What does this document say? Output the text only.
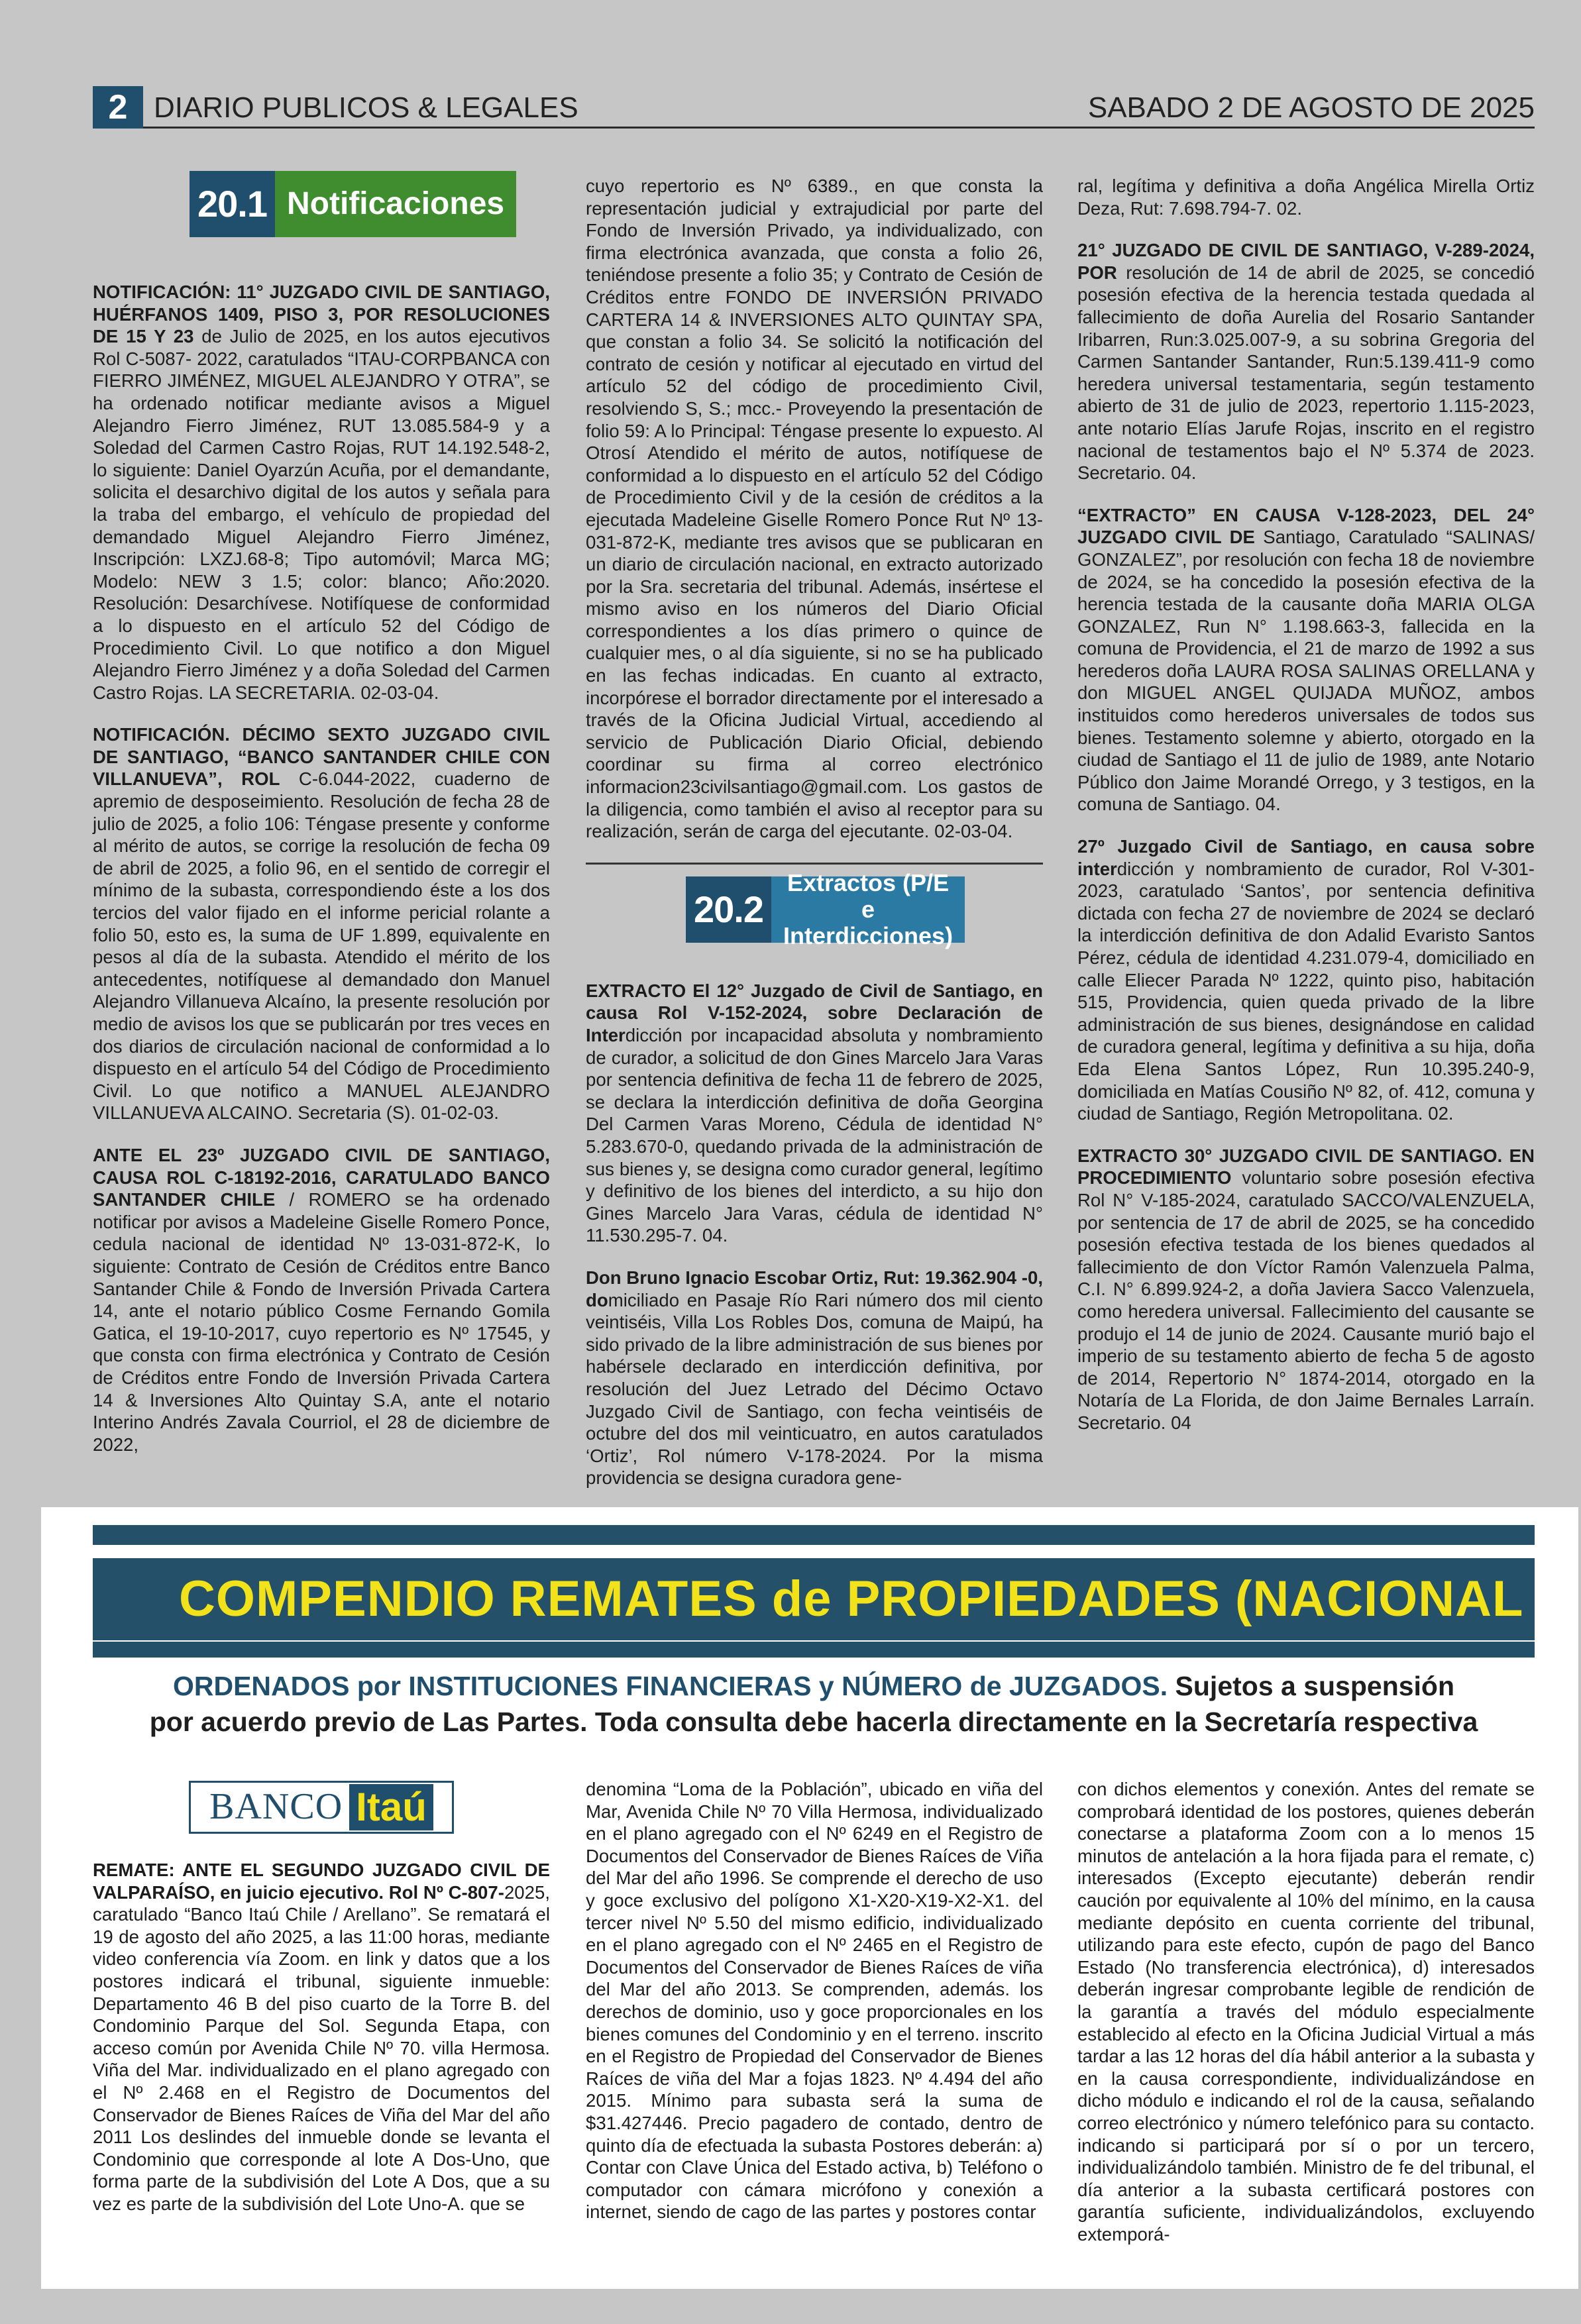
2 DIARIO PUBLICOS & LEGALES	SABADO 2 DE AGOSTO DE 2025
20.1 Notificaciones

NOTIFICACIÓN: 11° JUZGADO CIVIL DE SANTIAGO, HUÉRFANOS 1409, PISO 3, POR RESOLUCIONES DE 15 Y 23 de Julio de 2025, en los autos ejecutivos Rol C-5087- 2022, caratulados “ITAU-CORPBANCA con FIERRO JIMÉNEZ, MIGUEL ALEJANDRO Y OTRA”, se ha ordenado notificar mediante avisos a Miguel Alejandro Fierro Jiménez, RUT 13.085.584-9 y a Soledad del Carmen Castro Rojas, RUT 14.192.548-2, lo siguiente: Daniel Oyarzún Acuña, por el demandante, solicita el desarchivo digital de los autos y señala para la traba del embargo, el vehículo de propiedad del demandado Miguel Alejandro Fierro Jiménez, Inscripción: LXZJ.68-8; Tipo automóvil; Marca MG; Modelo: NEW 3 1.5; color: blanco; Año:2020. Resolución: Desarchívese. Notifíquese de conformidad a lo dispuesto en el artículo 52 del Código de Procedimiento Civil. Lo que notifico a don Miguel Alejandro Fierro Jiménez y a doña Soledad del Carmen Castro Rojas. LA SECRETARIA. 02-03-04.

NOTIFICACIÓN. DÉCIMO SEXTO JUZGADO CIVIL DE SANTIAGO, “BANCO SANTANDER CHILE CON VILLANUEVA”, ROL C-6.044-2022, cuaderno de apremio de desposeimiento. Resolución de fecha 28 de julio de 2025, a folio 106: Téngase presente y conforme al mérito de autos, se corrige la resolución de fecha 09 de abril de 2025, a folio 96, en el sentido de corregir el mínimo de la subasta, correspondiendo éste a los dos tercios del valor fijado en el informe pericial rolante a folio 50, esto es, la suma de UF 1.899, equivalente en pesos al día de la subasta. Atendido el mérito de los antecedentes, notifíquese al demandado don Manuel Alejandro Villanueva Alcaíno, la presente resolución por medio de avisos los que se publicarán por tres veces en dos diarios de circulación nacional de conformidad a lo dispuesto en el artículo 54 del Código de Procedimiento Civil. Lo que notifico a MANUEL ALEJANDRO VILLANUEVA ALCAINO. Secretaria (S). 01-02-03.

ANTE EL 23º JUZGADO CIVIL DE SANTIAGO, CAUSA ROL C-18192-2016, CARATULADO BANCO SANTANDER CHILE / ROMERO se ha ordenado notificar por avisos a Madeleine Giselle Romero Ponce, cedula nacional de identidad Nº 13-031-872-K, lo siguiente: Contrato de Cesión de Créditos entre Banco Santander Chile & Fondo de Inversión Privada Cartera 14, ante el notario público Cosme Fernando Gomila Gatica, el 19-10-2017, cuyo repertorio es Nº 17545, y que consta con firma electrónica y Contrato de Cesión de Créditos entre Fondo de Inversión Privada Cartera 14 & Inversiones Alto Quintay S.A, ante el notario Interino Andrés Zavala Courriol, el 28 de diciembre de 2022,

cuyo repertorio es Nº 6389., en que consta la representación judicial y extrajudicial por parte del Fondo de Inversión Privado, ya individualizado, con firma electrónica avanzada, que consta a folio 26, teniéndose presente a folio 35; y Contrato de Cesión de Créditos entre FONDO DE INVERSIÓN PRIVADO CARTERA 14 & INVERSIONES ALTO QUINTAY SPA, que constan a folio 34. Se solicitó la notificación del contrato de cesión y notificar al ejecutado en virtud del artículo 52 del código de procedimiento Civil, resolviendo S, S.; mcc.- Proveyendo la presentación de folio 59: A lo Principal: Téngase presente lo expuesto. Al Otrosí Atendido el mérito de autos, notifíquese de conformidad a lo dispuesto en el artículo 52 del Código de Procedimiento Civil y de la cesión de créditos a la ejecutada Madeleine Giselle Romero Ponce Rut Nº 13-031-872-K, mediante tres avisos que se publicaran en un diario de circulación nacional, en extracto autorizado por la Sra. secretaria del tribunal. Además, insértese el mismo aviso en los números del Diario Oficial correspondientes a los días primero o quince de cualquier mes, o al día siguiente, si no se ha publicado en las fechas indicadas. En cuanto al extracto, incorpórese el borrador directamente por el interesado a través de la Oficina Judicial Virtual, accediendo al servicio de Publicación Diario Oficial, debiendo coordinar su firma al correo electrónico informacion23civilsantiago@gmail.com. Los gastos de la diligencia, como también el aviso al receptor para su realización, serán de carga del ejecutante. 02-03-04.

20.2
Extractos (P/E
e Interdicciones)

EXTRACTO El 12° Juzgado de Civil de Santiago, en causa Rol V-152-2024, sobre Declaración de Interdicción por incapacidad absoluta y nombramiento de curador, a solicitud de don Gines Marcelo Jara Varas por sentencia definitiva de fecha 11 de febrero de 2025, se declara la interdicción definitiva de doña Georgina Del Carmen Varas Moreno, Cédula de identidad N° 5.283.670-0, quedando privada de la administración de sus bienes y, se designa como curador general, legítimo y definitivo de los bienes del interdicto, a su hijo don Gines Marcelo Jara Varas, cédula de identidad N° 11.530.295-7. 04.

Don Bruno Ignacio Escobar Ortiz, Rut: 19.362.904 -0, domiciliado en Pasaje Río Rari número dos mil ciento veintiséis, Villa Los Robles Dos, comuna de Maipú, ha sido privado de la libre administración de sus bienes por habérsele declarado en interdicción definitiva, por resolución del Juez Letrado del Décimo Octavo Juzgado Civil de Santiago, con fecha veintiséis de octubre del dos mil veinticuatro, en autos caratulados ‘Ortiz’, Rol número V-178-2024. Por la misma providencia se designa curadora gene-

ral, legítima y definitiva a doña Angélica Mirella Ortiz Deza, Rut: 7.698.794-7. 02.

21° JUZGADO DE CIVIL DE SANTIAGO, V-289-2024, POR resolución de 14 de abril de 2025, se concedió posesión efectiva de la herencia testada quedada al fallecimiento de doña Aurelia del Rosario Santander Iribarren, Run:3.025.007-9, a su sobrina Gregoria del Carmen Santander Santander, Run:5.139.411-9 como heredera universal testamentaria, según testamento abierto de 31 de julio de 2023, repertorio 1.115-2023, ante notario Elías Jarufe Rojas, inscrito en el registro nacional de testamentos bajo el Nº 5.374 de 2023. Secretario. 04.

“EXTRACTO” EN CAUSA V-128-2023, DEL 24° JUZGADO CIVIL DE Santiago, Caratulado “SALINAS/ GONZALEZ”, por resolución con fecha 18 de noviembre de 2024, se ha concedido la posesión efectiva de la herencia testada de la causante doña MARIA OLGA GONZALEZ, Run N° 1.198.663-3, fallecida en la comuna de Providencia, el 21 de marzo de 1992 a sus herederos doña LAURA ROSA SALINAS ORELLANA y don MIGUEL ANGEL QUIJADA MUÑOZ, ambos instituidos como herederos universales de todos sus bienes. Testamento solemne y abierto, otorgado en la ciudad de Santiago el 11 de julio de 1989, ante Notario Público don Jaime Morandé Orrego, y 3 testigos, en la comuna de Santiago. 04.

27º Juzgado Civil de Santiago, en causa sobre interdicción y nombramiento de curador, Rol V-301-2023, caratulado ‘Santos’, por sentencia definitiva dictada con fecha 27 de noviembre de 2024 se declaró la interdicción definitiva de don Adalid Evaristo Santos Pérez, cédula de identidad 4.231.079-4, domiciliado en calle Eliecer Parada Nº 1222, quinto piso, habitación 515, Providencia, quien queda privado de la libre administración de sus bienes, designándose en calidad de curadora general, legítima y definitiva a su hija, doña Eda Elena Santos López, Run 10.395.240-9, domiciliada en Matías Cousiño Nº 82, of. 412, comuna y ciudad de Santiago, Región Metropolitana. 02.

EXTRACTO 30° JUZGADO CIVIL DE SANTIAGO. EN PROCEDIMIENTO voluntario sobre posesión efectiva Rol N° V-185-2024, caratulado SACCO/VALENZUELA, por sentencia de 17 de abril de 2025, se ha concedido posesión efectiva testada de los bienes quedados al fallecimiento de don Víctor Ramón Valenzuela Palma, C.I. N° 6.899.924-2, a doña Javiera Sacco Valenzuela, como heredera universal. Fallecimiento del causante se produjo el 14 de junio de 2024. Causante murió bajo el imperio de su testamento abierto de fecha 5 de agosto de 2014, Repertorio N° 1874-2014, otorgado en la Notaría de La Florida, de don Jaime Bernales Larraín. Secretario. 04

COMPENDIO REMATES de PROPIEDADES (NACIONAL
ORDENADOS por INSTITUCIONES FINANCIERAS y NÚMERO de JUZGADOS. Sujetos a suspensión
por acuerdo previo de Las Partes. Toda consulta debe hacerla directamente en la Secretaría respectiva
BANCO Itaú

REMATE: ANTE EL SEGUNDO JUZGADO CIVIL DE VALPARAÍSO, en juicio ejecutivo. Rol Nº C-807-2025, caratulado “Banco Itaú Chile / Arellano”. Se rematará el 19 de agosto del año 2025, a las 11:00 horas, mediante video conferencia vía Zoom. en link y datos que a los postores indicará el tribunal, siguiente inmueble: Departamento 46 B del piso cuarto de la Torre B. del Condominio Parque del Sol. Segunda Etapa, con acceso común por Avenida Chile Nº 70. villa Hermosa. Viña del Mar. individualizado en el plano agregado con el Nº 2.468 en el Registro de Documentos del Conservador de Bienes Raíces de Viña del Mar del año 2011 Los deslindes del inmueble donde se levanta el Condominio que corresponde al lote A Dos-Uno, que forma parte de la subdivisión del Lote A Dos, que a su vez es parte de la subdivisión del Lote Uno-A. que se

denomina “Loma de la Población”, ubicado en viña del Mar, Avenida Chile Nº 70 Villa Hermosa, individualizado en el plano agregado con el Nº 6249 en el Registro de Documentos del Conservador de Bienes Raíces de Viña del Mar del año 1996. Se comprende el derecho de uso y goce exclusivo del polígono X1-X20-X19-X2-X1. del tercer nivel Nº 5.50 del mismo edificio, individualizado en el plano agregado con el Nº 2465 en el Registro de Documentos del Conservador de Bienes Raíces de viña del Mar del año 2013. Se comprenden, además. los derechos de dominio, uso y goce proporcionales en los bienes comunes del Condominio y en el terreno. inscrito en el Registro de Propiedad del Conservador de Bienes Raíces de viña del Mar a fojas 1823. Nº 4.494 del año 2015. Mínimo para subasta será la suma de $31.427446. Precio pagadero de contado, dentro de quinto día de efectuada la subasta Postores deberán: a) Contar con Clave Única del Estado activa, b) Teléfono o computador con cámara micrófono y conexión a internet, siendo de cago de las partes y postores contar

con dichos elementos y conexión. Antes del remate se comprobará identidad de los postores, quienes deberán conectarse a plataforma Zoom con a lo menos 15 minutos de antelación a la hora fijada para el remate, c) interesados (Excepto ejecutante) deberán rendir caución por equivalente al 10% del mínimo, en la causa mediante depósito en cuenta corriente del tribunal, utilizando para este efecto, cupón de pago del Banco Estado (No transferencia electrónica), d) interesados deberán ingresar comprobante legible de rendición de la garantía a través del módulo especialmente establecido al efecto en la Oficina Judicial Virtual a más tardar a las 12 horas del día hábil anterior a la subasta y en la causa correspondiente, individualizándose en dicho módulo e indicando el rol de la causa, señalando correo electrónico y número telefónico para su contacto. indicando si participará por sí o por un tercero, individualizándolo también. Ministro de fe del tribunal, el día anterior a la subasta certificará postores con garantía suficiente, individualizándolos, excluyendo extemporá-
